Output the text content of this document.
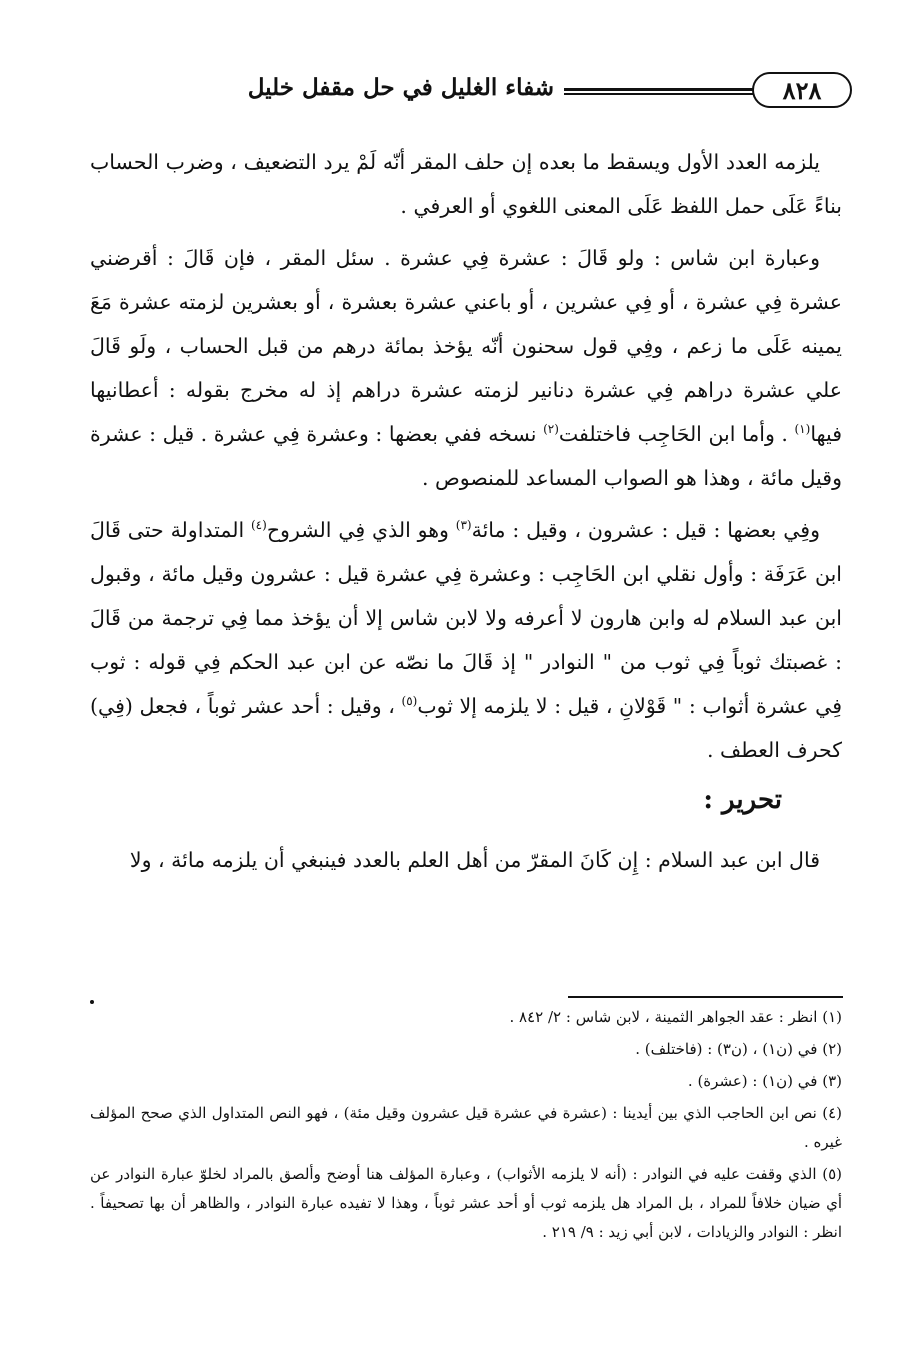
٨٢٨
شفاء الغليل في حل مقفل خليل

يلزمه العدد الأول ويسقط ما بعده إن حلف المقر أنّه لَمْ يرد التضعيف ، وضرب الحساب بناءً عَلَى حمل اللفظ عَلَى المعنى اللغوي أو العرفي .

وعبارة ابن شاس : ولو قَالَ : عشرة فِي عشرة . سئل المقر ، فإن قَالَ : أقرضني عشرة فِي عشرة ، أو فِي عشرين ، أو باعني عشرة بعشرة ، أو بعشرين لزمته عشرة مَعَ يمينه عَلَى ما زعم ، وفِي قول سحنون أنّه يؤخذ بمائة درهم من قبل الحساب ، ولَو قَالَ علي عشرة دراهم فِي عشرة دنانير لزمته عشرة دراهم إذ له مخرج بقوله : أعطانيها فيها$^{(١)}$ . وأما ابن الحَاجِب فاختلفت$^{(٢)}$ نسخه ففي بعضها : وعشرة فِي عشرة . قيل : عشرة وقيل مائة ، وهذا هو الصواب المساعد للمنصوص .

وفِي بعضها : قيل : عشرون ، وقيل : مائة$^{(٣)}$ وهو الذي فِي الشروح$^{(٤)}$ المتداولة حتى قَالَ ابن عَرَفَة : وأول نقلي ابن الحَاجِب : وعشرة فِي عشرة قيل : عشرون وقيل مائة ، وقبول ابن عبد السلام له وابن هارون لا أعرفه ولا لابن شاس إلا أن يؤخذ مما فِي ترجمة من قَالَ : غصبتك ثوباً فِي ثوب من " النوادر " إذ قَالَ ما نصّه عن ابن عبد الحكم فِي قوله : ثوب فِي عشرة أثواب : " قَوْلانِ ، قيل : لا يلزمه إلا ثوب$^{(٥)}$ ، وقيل : أحد عشر ثوباً ، فجعل (فِي) كحرف العطف .

تحرير :

قال ابن عبد السلام : إِن كَانَ المقرّ من أهل العلم بالعدد فينبغي أن يلزمه مائة ، ولا

(١) انظر : عقد الجواهر الثمينة ، لابن شاس : ٢/ ٨٤٢ .

(٢) في (ن١) ، (ن٣) : (فاختلف) .

(٣) في (ن١) : (عشرة) .

(٤) نص ابن الحاجب الذي بين أيدينا : (عشرة في عشرة قيل عشرون وقيل مئة) ، فهو النص المتداول الذي صحح المؤلف غيره .

(٥) الذي وقفت عليه في النوادر : (أنه لا يلزمه الأثواب) ، وعبارة المؤلف هنا أوضح وألصق بالمراد لخلوّ عبارة النوادر عن أي ضيان خلافاً للمراد ، بل المراد هل يلزمه ثوب أو أحد عشر ثوباً ، وهذا لا تفيده عبارة النوادر ، والظاهر أن بها تصحيفاً . انظر : النوادر والزيادات ، لابن أبي زيد : ٩/ ٢١٩ .
